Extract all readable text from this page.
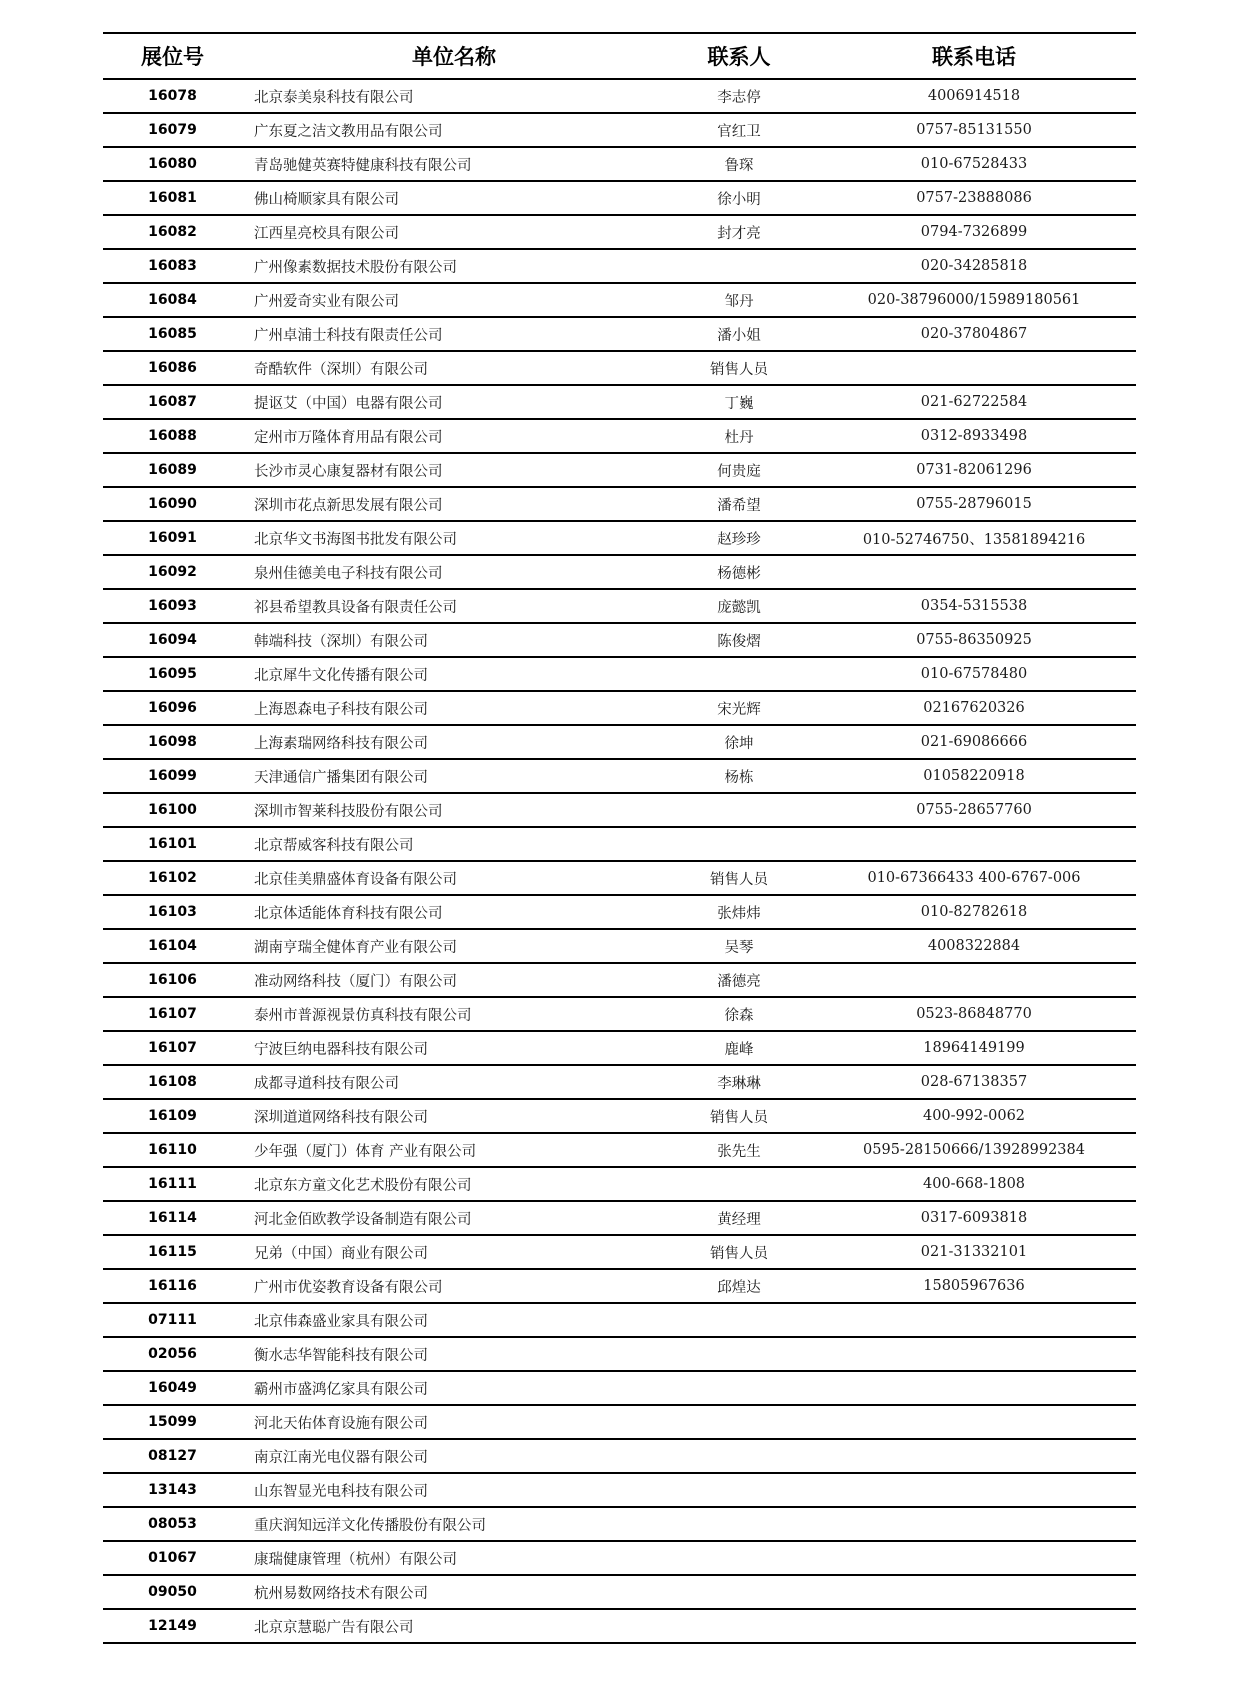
展位号	单位名称	联系人	联系电话
16078	北京泰美泉科技有限公司	李志停	4006914518
16079	广东夏之洁文教用品有限公司	官红卫	0757-85131550
16080	青岛驰健英赛特健康科技有限公司	鲁琛	010-67528433
16081	佛山椅顺家具有限公司	徐小明	0757-23888086
16082	江西星亮校具有限公司	封才亮	0794-7326899
16083	广州像素数据技术股份有限公司		020-34285818
16084	广州爱奇实业有限公司	邹丹	020-38796000/15989180561
16085	广州卓浦士科技有限责任公司	潘小姐	020-37804867
16086	奇酷软件（深圳）有限公司	销售人员	
16087	提讴艾（中国）电器有限公司	丁巍	021-62722584
16088	定州市万隆体育用品有限公司	杜丹	0312-8933498
16089	长沙市灵心康复器材有限公司	何贵庭	0731-82061296
16090	深圳市花点新思发展有限公司	潘希望	0755-28796015
16091	北京华文书海图书批发有限公司	赵珍珍	010-52746750、13581894216
16092	泉州佳德美电子科技有限公司	杨德彬	
16093	祁县希望教具设备有限责任公司	庞懿凯	0354-5315538
16094	韩端科技（深圳）有限公司	陈俊熠	0755-86350925
16095	北京犀牛文化传播有限公司		010-67578480
16096	上海恩森电子科技有限公司	宋光辉	02167620326
16098	上海素瑞网络科技有限公司	徐坤	021-69086666
16099	天津通信广播集团有限公司	杨栋	01058220918
16100	深圳市智莱科技股份有限公司		0755-28657760
16101	北京帮威客科技有限公司		
16102	北京佳美鼎盛体育设备有限公司	销售人员	010-67366433 400-6767-006
16103	北京体适能体育科技有限公司	张炜炜	010-82782618
16104	湖南亨瑞全健体育产业有限公司	吴琴	4008322884
16106	准动网络科技（厦门）有限公司	潘德亮	
16107	泰州市普源视景仿真科技有限公司	徐森	0523-86848770
16107	宁波巨纳电器科技有限公司	鹿峰	18964149199
16108	成都寻道科技有限公司	李琳琳	028-67138357
16109	深圳道道网络科技有限公司	销售人员	400-992-0062
16110	少年强（厦门）体育 产业有限公司	张先生	0595-28150666/13928992384
16111	北京东方童文化艺术股份有限公司		400-668-1808
16114	河北金佰欧教学设备制造有限公司	黄经理	0317-6093818
16115	兄弟（中国）商业有限公司	销售人员	021-31332101
16116	广州市优姿教育设备有限公司	邱煌达	15805967636
07111	北京伟森盛业家具有限公司		
02056	衡水志华智能科技有限公司		
16049	霸州市盛鸿亿家具有限公司		
15099	河北天佑体育设施有限公司		
08127	南京江南光电仪器有限公司		
13143	山东智显光电科技有限公司		
08053	重庆润知远洋文化传播股份有限公司		
01067	康瑞健康管理（杭州）有限公司		
09050	杭州易数网络技术有限公司		
12149	北京京慧聪广告有限公司		
